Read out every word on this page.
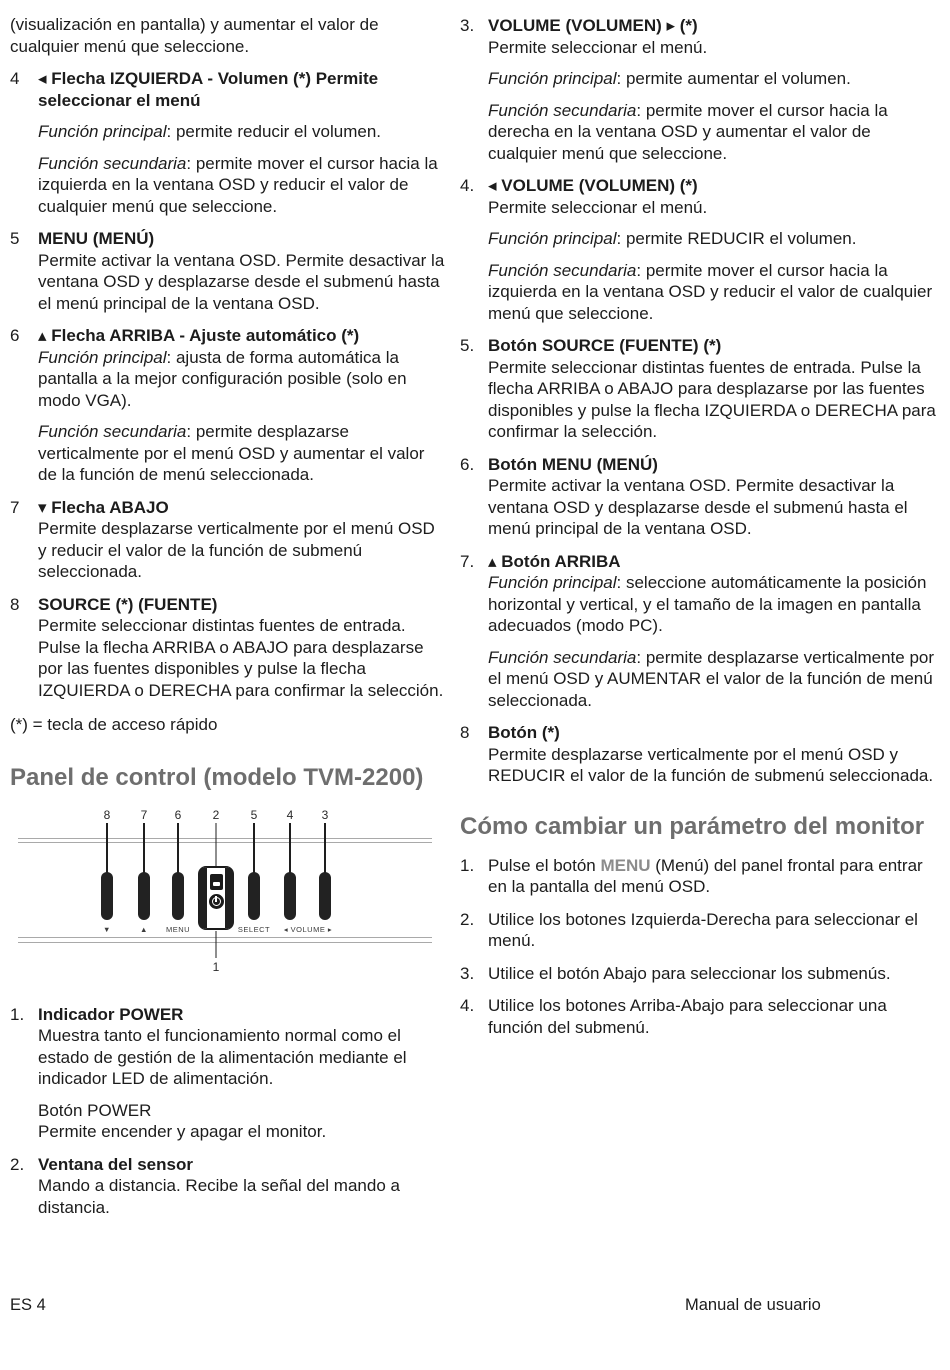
(visualización en pantalla) y aumentar el valor de cualquier menú que seleccione.

4	◂ Flecha IZQUIERDA - Volumen (*) Permite seleccionar el menú

Función principal: permite reducir el volumen.

Función secundaria: permite mover el cursor hacia la izquierda en la ventana OSD y reducir el valor de cualquier menú que seleccione.

5	MENU (MENÚ)

Permite activar la ventana OSD. Permite desactivar la ventana OSD y desplazarse desde el submenú hasta el menú principal de la ventana OSD.

6	▴ Flecha ARRIBA - Ajuste automático (*)

Función principal: ajusta de forma automática la pantalla a la mejor configuración posible (solo en modo VGA).

Función secundaria: permite desplazarse verticalmente por el menú OSD y aumentar el valor de la función de menú seleccionada.

7	▾ Flecha ABAJO

Permite desplazarse verticalmente por el menú OSD y reducir el valor de la función de submenú seleccionada.

8	SOURCE (*) (FUENTE)

Permite seleccionar distintas fuentes de entrada. Pulse la flecha ARRIBA o ABAJO para desplazarse por las fuentes disponibles y pulse la flecha IZQUIERDA o DERECHA para confirmar la selección.

(*) = tecla de acceso rápido

Panel de control (modelo TVM-2200)
8	7 6	2	5 4 3
▼	▲ MENU	SELECT ◂ VOLUME ▸
1
1. Indicador POWER

Muestra tanto el funcionamiento normal como el estado de gestión de la alimentación mediante el indicador LED de alimentación.

Botón POWER

Permite encender y apagar el monitor.

2. Ventana del sensor

Mando a distancia. Recibe la señal del mando a distancia.

3. VOLUME (VOLUMEN) ▸ (*)

Permite seleccionar el menú.

Función principal: permite aumentar el volumen.

Función secundaria: permite mover el cursor hacia la derecha en la ventana OSD y aumentar el valor de cualquier menú que seleccione.

4. ◂ VOLUME (VOLUMEN) (*)

Permite seleccionar el menú.

Función principal: permite REDUCIR el volumen.

Función secundaria: permite mover el cursor hacia la izquierda en la ventana OSD y reducir el valor de cualquier menú que seleccione.

5. Botón SOURCE (FUENTE) (*)

Permite seleccionar distintas fuentes de entrada. Pulse la flecha ARRIBA o ABAJO para desplazarse por las fuentes disponibles y pulse la flecha IZQUIERDA o DERECHA para confirmar la selección.

6. Botón MENU (MENÚ)

Permite activar la ventana OSD. Permite desactivar la ventana OSD y desplazarse desde el submenú hasta el menú principal de la ventana OSD.

7. ▴ Botón ARRIBA

Función principal: seleccione automáticamente la posición horizontal y vertical, y el tamaño de la imagen en pantalla adecuados (modo PC).

Función secundaria: permite desplazarse verticalmente por el menú OSD y AUMENTAR el valor de la función de menú seleccionada.

8	Botón (*)

Permite desplazarse verticalmente por el menú OSD y REDUCIR el valor de la función de submenú seleccionada.

Cómo cambiar un parámetro del monitor
1. Pulse el botón MENU (Menú) del panel frontal para entrar en la pantalla del menú OSD.

2. Utilice los botones Izquierda-Derecha para seleccionar el menú.

3. Utilice el botón Abajo para seleccionar los submenús.

4. Utilice los botones Arriba-Abajo para seleccionar una función del submenú.

ES 4	Manual de usuario
